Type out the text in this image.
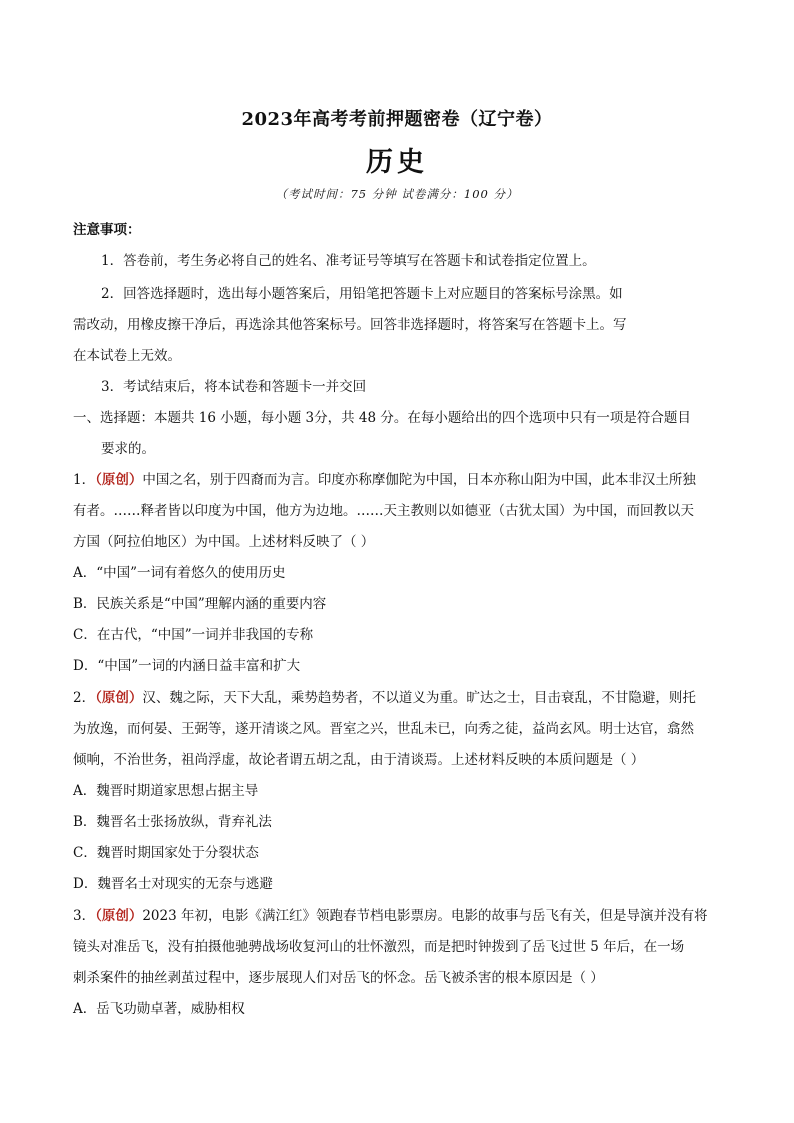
2023年高考考前押题密卷（辽宁卷）
历史
（考试时间：75 分钟 试卷满分：100 分）
注意事项：
1．答卷前，考生务必将自己的姓名、准考证号等填写在答题卡和试卷指定位置上。
2．回答选择题时，选出每小题答案后，用铅笔把答题卡上对应题目的答案标号涂黑。如
需改动，用橡皮擦干净后，再选涂其他答案标号。回答非选择题时，将答案写在答题卡上。写
在本试卷上无效。
3．考试结束后，将本试卷和答题卡一并交回
一、选择题：本题共 16 小题，每小题 3分，共 48 分。在每小题给出的四个选项中只有一项是符合题目
要求的。
1．（原创）中国之名，别于四裔而为言。印度亦称摩伽陀为中国，日本亦称山阳为中国，此本非汉土所独
有者。……释者皆以印度为中国，他方为边地。……天主教则以如德亚（古犹太国）为中国，而回教以天
方国（阿拉伯地区）为中国。上述材料反映了（ ）
A．“中国”一词有着悠久的使用历史
B．民族关系是“中国”理解内涵的重要内容
C．在古代，“中国”一词并非我国的专称
D．“中国”一词的内涵日益丰富和扩大
2．（原创）汉、魏之际，天下大乱，乘势趋势者，不以道义为重。旷达之士，目击衰乱，不甘隐避，则托
为放逸，而何晏、王弼等，遂开清谈之风。晋室之兴，世乱未已，向秀之徒，益尚玄风。明士达官，翕然
倾响，不治世务，祖尚浮虚，故论者谓五胡之乱，由于清谈焉。上述材料反映的本质问题是（ ）
A．魏晋时期道家思想占据主导
B．魏晋名士张扬放纵，背弃礼法
C．魏晋时期国家处于分裂状态
D．魏晋名士对现实的无奈与逃避
3．（原创）2023 年初，电影《满江红》领跑春节档电影票房。电影的故事与岳飞有关，但是导演并没有将
镜头对准岳飞，没有拍摄他驰骋战场收复河山的壮怀激烈，而是把时钟拨到了岳飞过世 5 年后，在一场
刺杀案件的抽丝剥茧过程中，逐步展现人们对岳飞的怀念。岳飞被杀害的根本原因是（ ）
A．岳飞功勋卓著，威胁相权
